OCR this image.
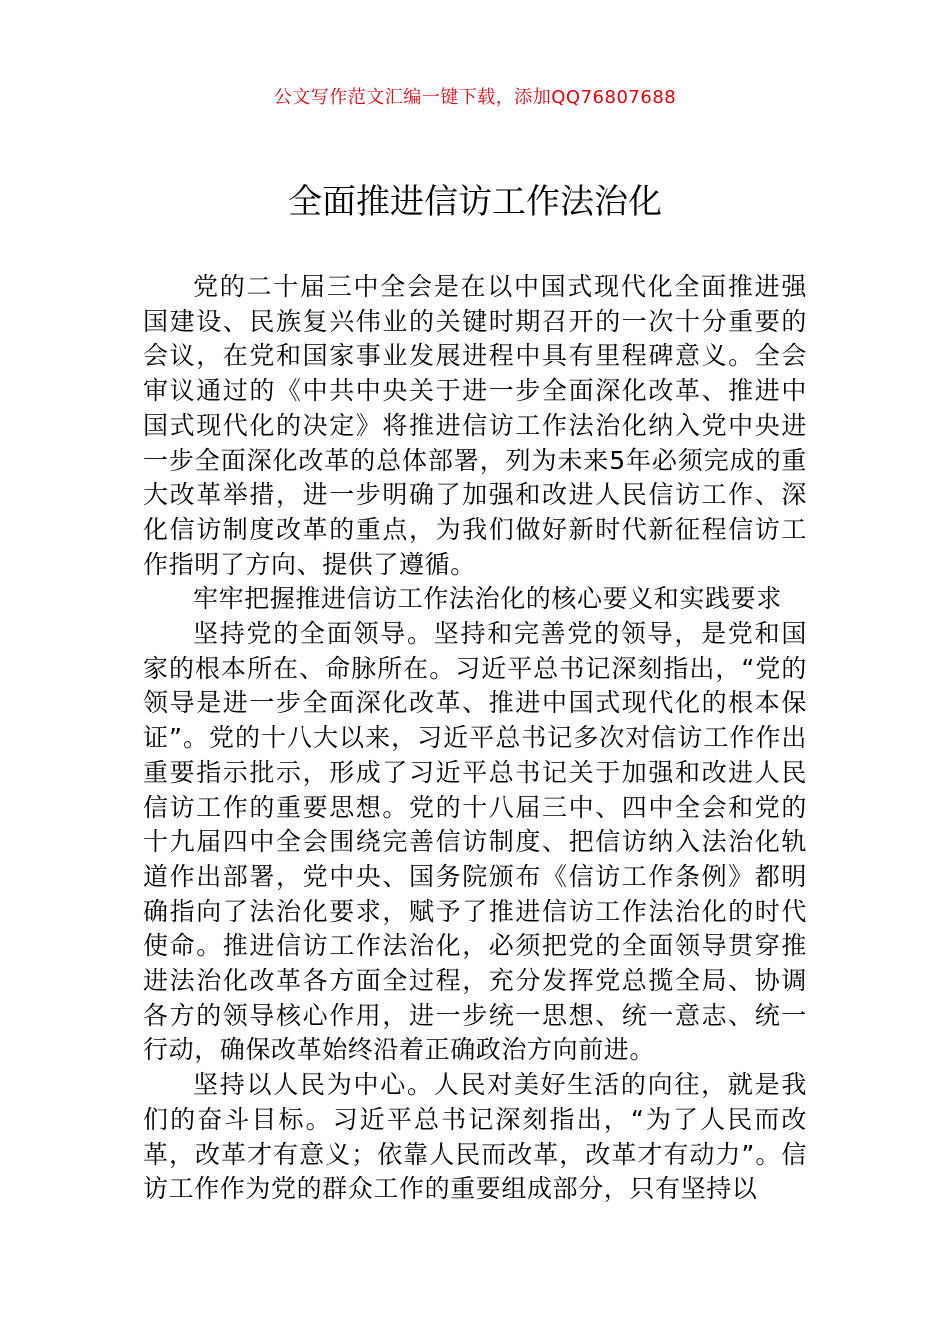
公文写作范文汇编一键下载，添加QQ76807688
全面推进信访工作法治化

党的二十届三中全会是在以中国式现代化全面推进强国建设、民族复兴伟业的关键时期召开的一次十分重要的会议，在党和国家事业发展进程中具有里程碑意义。全会审议通过的《中共中央关于进一步全面深化改革、推进中国式现代化的决定》将推进信访工作法治化纳入党中央进一步全面深化改革的总体部署，列为未来5年必须完成的重大改革举措，进一步明确了加强和改进人民信访工作、深化信访制度改革的重点，为我们做好新时代新征程信访工作指明了方向、提供了遵循。

牢牢把握推进信访工作法治化的核心要义和实践要求

坚持党的全面领导。坚持和完善党的领导，是党和国家的根本所在、命脉所在。习近平总书记深刻指出，“党的领导是进一步全面深化改革、推进中国式现代化的根本保证”。党的十八大以来，习近平总书记多次对信访工作作出重要指示批示，形成了习近平总书记关于加强和改进人民信访工作的重要思想。党的十八届三中、四中全会和党的十九届四中全会围绕完善信访制度、把信访纳入法治化轨道作出部署，党中央、国务院颁布《信访工作条例》都明确指向了法治化要求，赋予了推进信访工作法治化的时代使命。推进信访工作法治化，必须把党的全面领导贯穿推进法治化改革各方面全过程，充分发挥党总揽全局、协调各方的领导核心作用，进一步统一思想、统一意志、统一行动，确保改革始终沿着正确政治方向前进。

坚持以人民为中心。人民对美好生活的向往，就是我们的奋斗目标。习近平总书记深刻指出，“为了人民而改革，改革才有意义；依靠人民而改革，改革才有动力”。信访工作作为党的群众工作的重要组成部分，只有坚持以
